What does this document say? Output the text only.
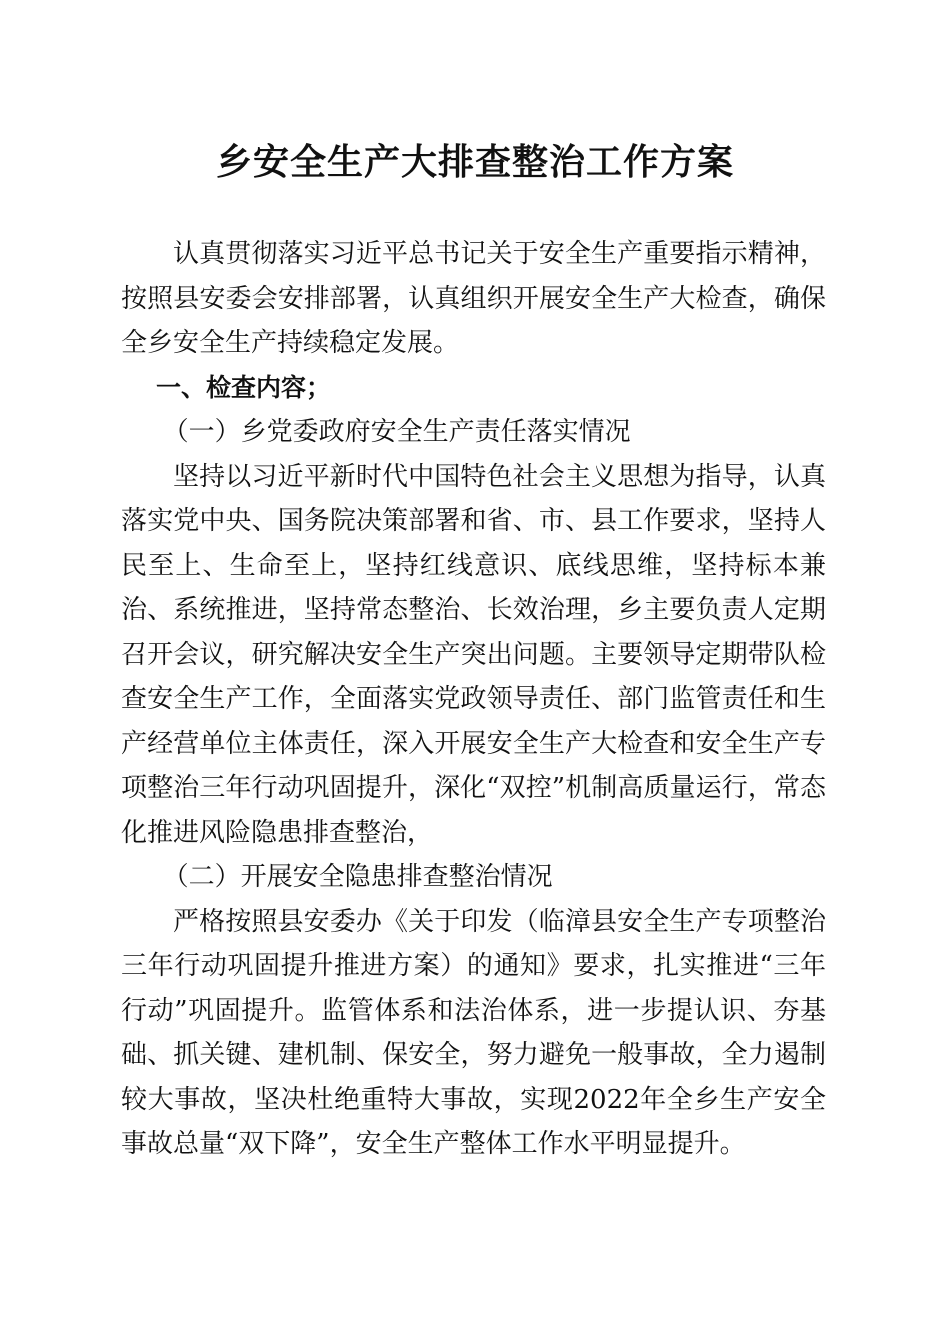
乡安全生产大排查整治工作方案

认真贯彻落实习近平总书记关于安全生产重要指示精神，按照县安委会安排部署，认真组织开展安全生产大检查，确保全乡安全生产持续稳定发展。

一、检查内容；

（一）乡党委政府安全生产责任落实情况

坚持以习近平新时代中国特色社会主义思想为指导，认真落实党中央、国务院决策部署和省、市、县工作要求，坚持人民至上、生命至上，坚持红线意识、底线思维，坚持标本兼治、系统推进，坚持常态整治、长效治理，乡主要负责人定期召开会议，研究解决安全生产突出问题。主要领导定期带队检查安全生产工作，全面落实党政领导责任、部门监管责任和生产经营单位主体责任，深入开展安全生产大检查和安全生产专项整治三年行动巩固提升，深化“双控”机制高质量运行，常态化推进风险隐患排查整治，

（二）开展安全隐患排查整治情况

严格按照县安委办《关于印发（临漳县安全生产专项整治三年行动巩固提升推进方案）的通知》要求，扎实推进“三年行动”巩固提升。监管体系和法治体系，进一步提认识、夯基础、抓关键、建机制、保安全，努力避免一般事故，全力遏制较大事故，坚决杜绝重特大事故，实现2022年全乡生产安全事故总量“双下降”，安全生产整体工作水平明显提升。
